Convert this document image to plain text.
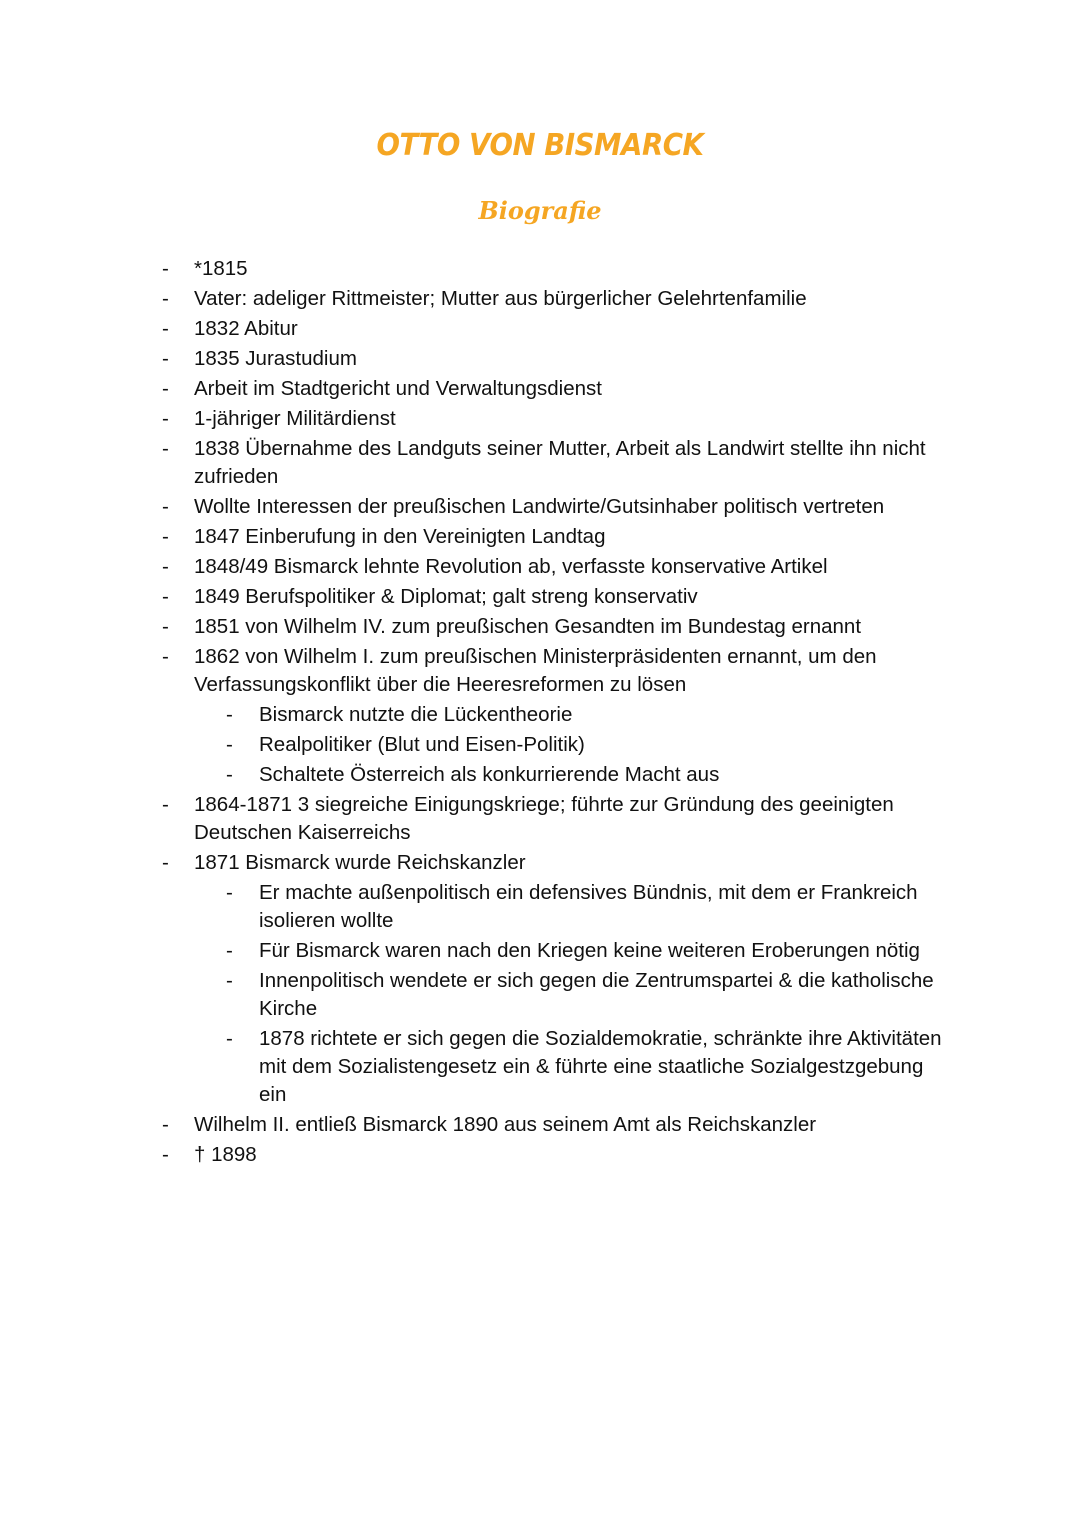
OTTO VON BISMARCK
Biografie
- *1815
- Vater: adeliger Rittmeister; Mutter aus bürgerlicher Gelehrtenfamilie
- 1832 Abitur
- 1835 Jurastudium
- Arbeit im Stadtgericht und Verwaltungsdienst
- 1-jähriger Militärdienst
- 1838 Übernahme des Landguts seiner Mutter, Arbeit als Landwirt stellte ihn nicht zufrieden
- Wollte Interessen der preußischen Landwirte/Gutsinhaber politisch vertreten
- 1847 Einberufung in den Vereinigten Landtag
- 1848/49 Bismarck lehnte Revolution ab, verfasste konservative Artikel
- 1849 Berufspolitiker & Diplomat; galt streng konservativ
- 1851 von Wilhelm IV. zum preußischen Gesandten im Bundestag ernannt
- 1862 von Wilhelm I. zum preußischen Ministerpräsidenten ernannt, um den Verfassungskonflikt über die Heeresreformen zu lösen
- Bismarck nutzte die Lückentheorie
- Realpolitiker (Blut und Eisen-Politik)
- Schaltete Österreich als konkurrierende Macht aus
- 1864-1871 3 siegreiche Einigungskriege; führte zur Gründung des geeinigten Deutschen Kaiserreichs
- 1871 Bismarck wurde Reichskanzler
- Er machte außenpolitisch ein defensives Bündnis, mit dem er Frankreich isolieren wollte
- Für Bismarck waren nach den Kriegen keine weiteren Eroberungen nötig
- Innenpolitisch wendete er sich gegen die Zentrumspartei & die katholische Kirche
- 1878 richtete er sich gegen die Sozialdemokratie, schränkte ihre Aktivitäten mit dem Sozialistengesetz ein & führte eine staatliche Sozialgestzgebung ein
- Wilhelm II. entließ Bismarck 1890 aus seinem Amt als Reichskanzler
- † 1898
